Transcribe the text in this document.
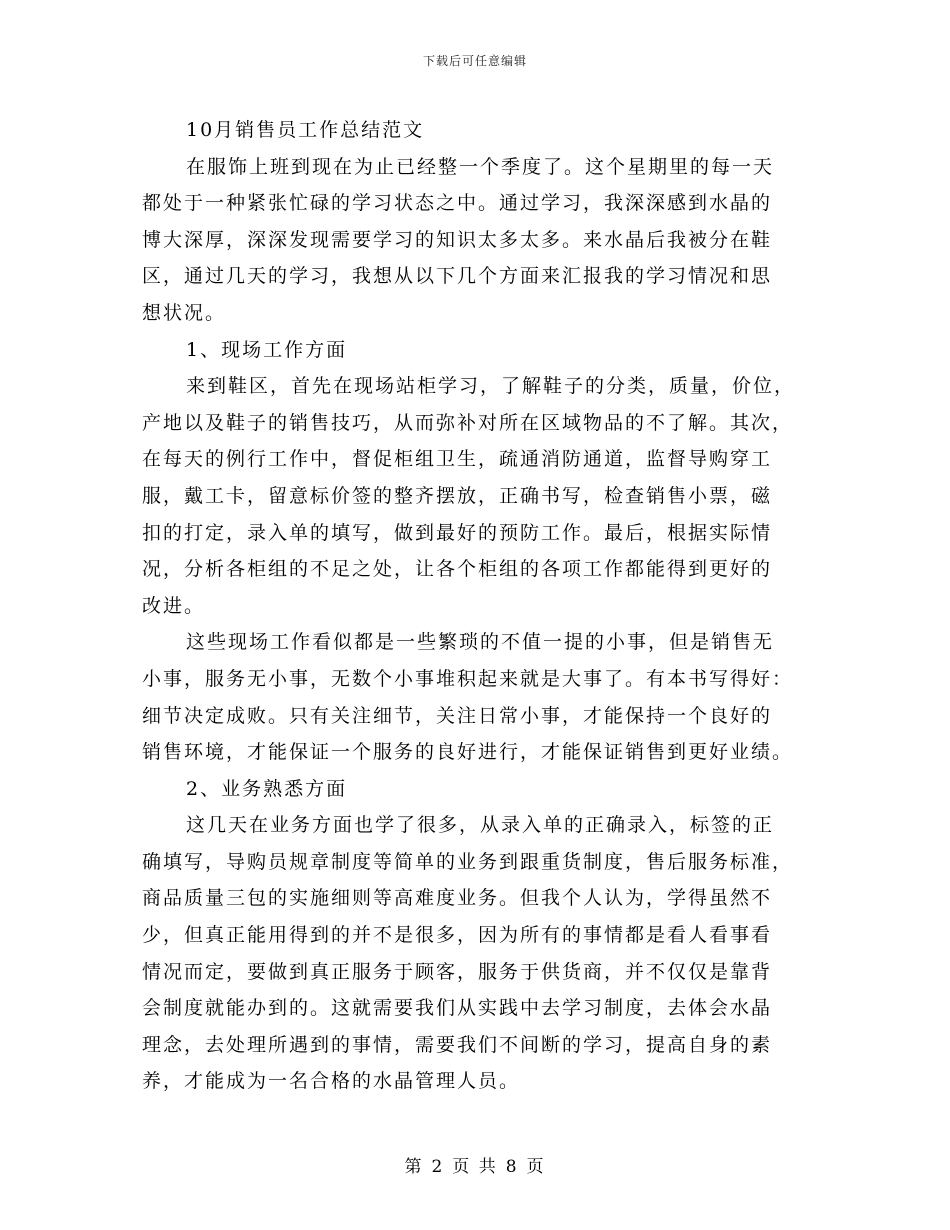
下载后可任意编辑
10月销售员工作总结范文
在服饰上班到现在为止已经整一个季度了。这个星期里的每一天
都处于一种紧张忙碌的学习状态之中。通过学习，我深深感到水晶的
博大深厚，深深发现需要学习的知识太多太多。来水晶后我被分在鞋
区，通过几天的学习，我想从以下几个方面来汇报我的学习情况和思
想状况。
1、现场工作方面
来到鞋区，首先在现场站柜学习，了解鞋子的分类，质量，价位，
产地以及鞋子的销售技巧，从而弥补对所在区域物品的不了解。其次，
在每天的例行工作中，督促柜组卫生，疏通消防通道，监督导购穿工
服，戴工卡，留意标价签的整齐摆放，正确书写，检查销售小票，磁
扣的打定，录入单的填写，做到最好的预防工作。最后，根据实际情
况，分析各柜组的不足之处，让各个柜组的各项工作都能得到更好的
改进。
这些现场工作看似都是一些繁琐的不值一提的小事，但是销售无
小事，服务无小事，无数个小事堆积起来就是大事了。有本书写得好：
细节决定成败。只有关注细节，关注日常小事，才能保持一个良好的
销售环境，才能保证一个服务的良好进行，才能保证销售到更好业绩。
2、业务熟悉方面
这几天在业务方面也学了很多，从录入单的正确录入，标签的正
确填写，导购员规章制度等简单的业务到跟重货制度，售后服务标准，
商品质量三包的实施细则等高难度业务。但我个人认为，学得虽然不
少，但真正能用得到的并不是很多，因为所有的事情都是看人看事看
情况而定，要做到真正服务于顾客，服务于供货商，并不仅仅是靠背
会制度就能办到的。这就需要我们从实践中去学习制度，去体会水晶
理念，去处理所遇到的事情，需要我们不间断的学习，提高自身的素
养，才能成为一名合格的水晶管理人员。
第 2 页 共 8 页
